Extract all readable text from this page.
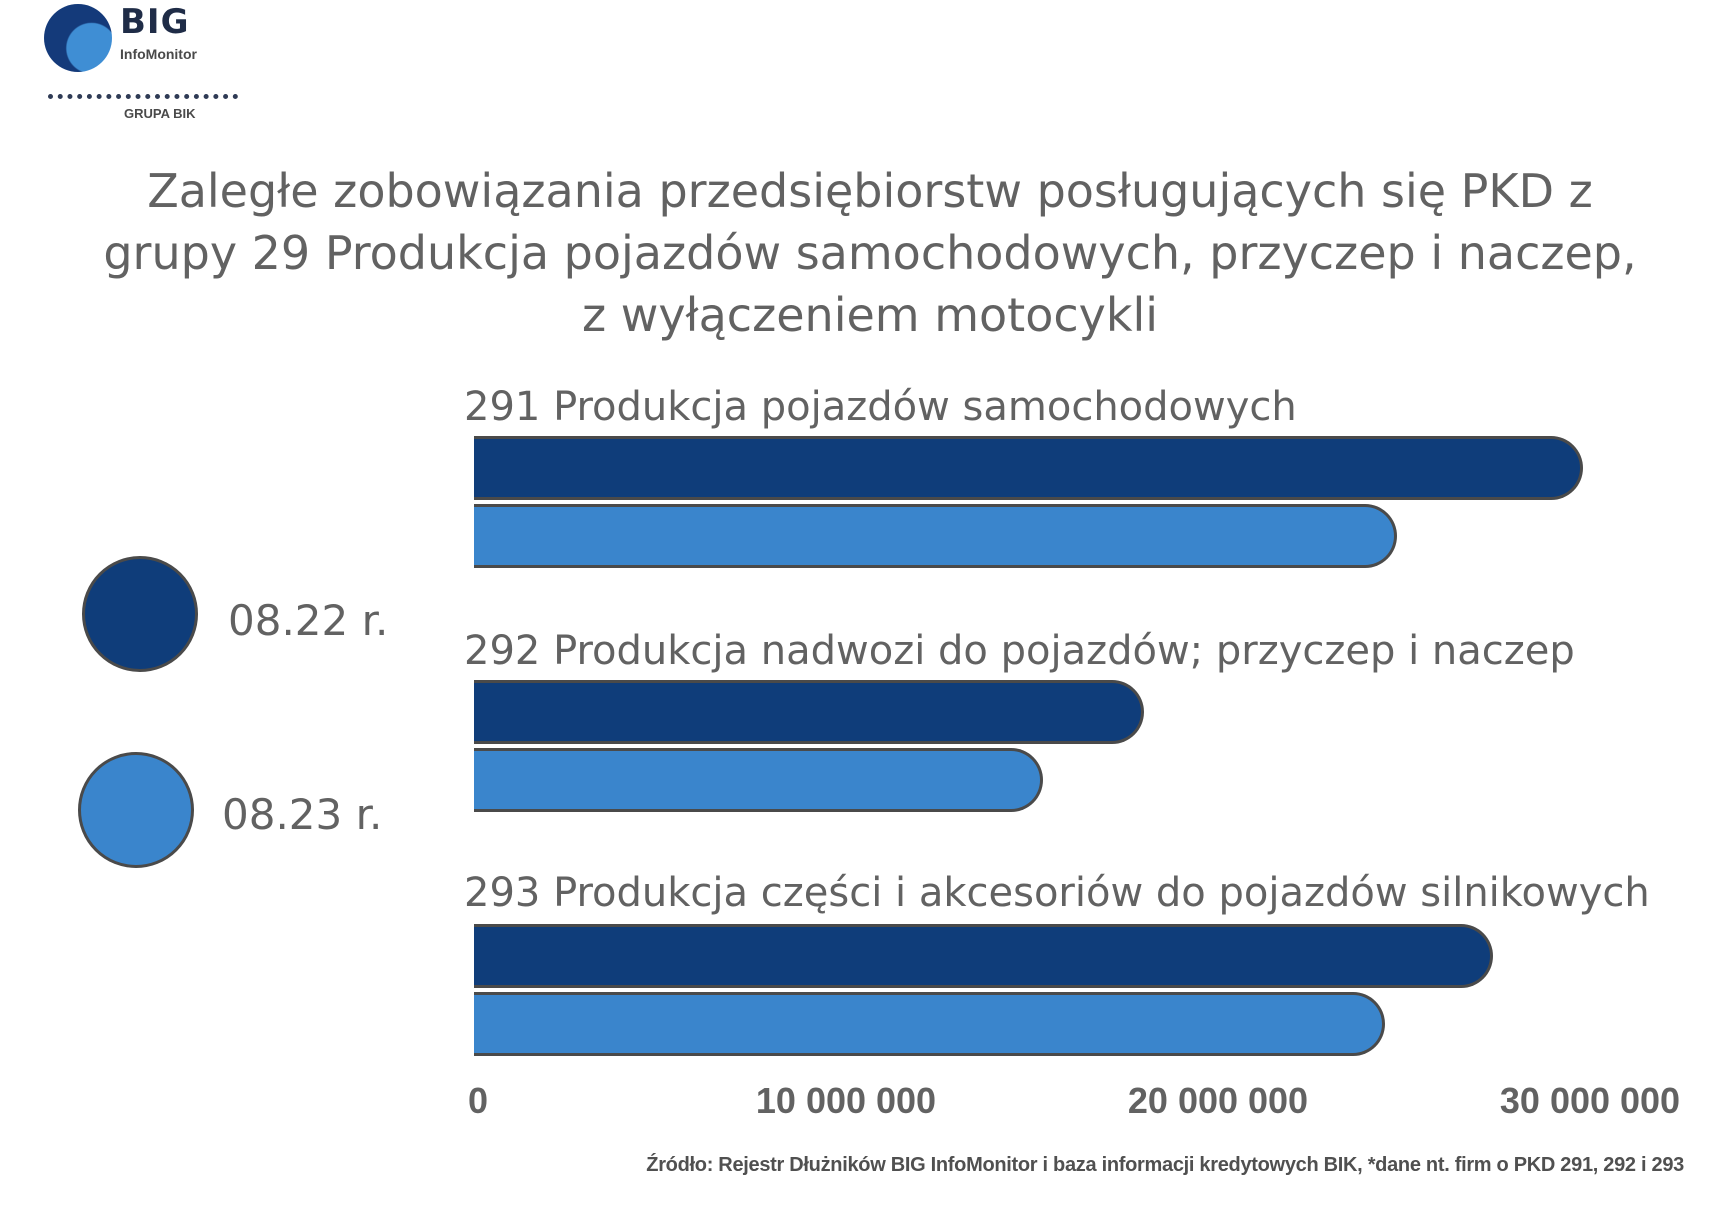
BIG
InfoMonitor
GRUPA BIK
Zaległe zobowiązania przedsiębiorstw posługujących się PKD z grupy 29 Produkcja pojazdów samochodowych, przyczep i naczep, z wyłączeniem motocykli
08.22 r.
08.23 r.
291 Produkcja pojazdów samochodowych
292 Produkcja nadwozi do pojazdów; przyczep i naczep
293 Produkcja części i akcesoriów do pojazdów silnikowych
0	10 000 000	20 000 000	30 000 000
Źródło: Rejestr Dłużników BIG InfoMonitor i baza informacji kredytowych BIK, *dane nt. firm o PKD 291, 292 i 293
